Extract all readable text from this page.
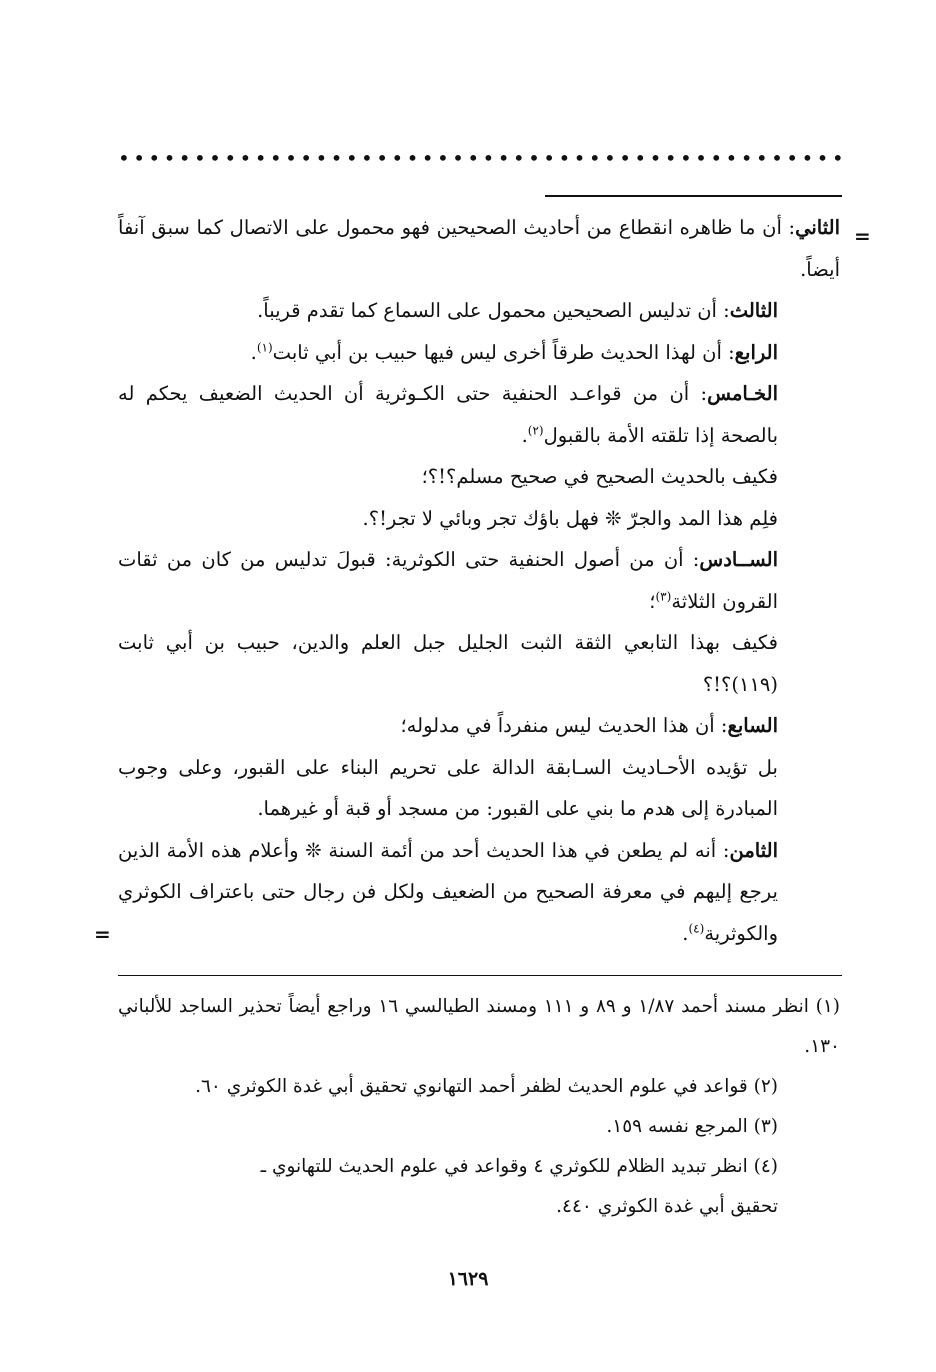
• • • • • • • • • • • • • • • • • • • • • • • • • • • • • • • • • • • • • • • • • • • • • • • •
=

الثاني: أن ما ظاهره انقطاع من أحاديث الصحيحين فهو محمول على الاتصال كما سبق آنفاً أيضاً.

الثالث: أن تدليس الصحيحين محمول على السماع كما تقدم قريباً.

الرابع: أن لهذا الحديث طرقاً أخرى ليس فيها حبيب بن أبي ثابت$^{(١)}$.

الخـامس: أن من قواعـد الحنفية حتى الكـوثرية أن الحديث الضعيف يحكم له بالصحة إذا تلقته الأمة بالقبول$^{(٢)}$.

فكيف بالحديث الصحيح في صحيح مسلم؟!؟؛

فلِم هذا المد والجرّ ❊ فهل باؤك تجر وبائي لا تجر!؟.

الســادس: أن من أصول الحنفية حتى الكوثرية: قبولَ تدليس من كان من ثقات القرون الثلاثة$^{(٣)}$؛

فكيف بهذا التابعي الثقة الثبت الجليل جبل العلم والدين، حبيب بن أبي ثابت (١١٩)؟!؟

السابع: أن هذا الحديث ليس منفرداً في مدلوله؛

بل تؤيده الأحـاديث السـابقة الدالة على تحريم البناء على القبور، وعلى وجوب المبادرة إلى هدم ما بني على القبور: من مسجد أو قبة أو غيرهما.

الثامن: أنه لم يطعن في هذا الحديث أحد من أئمة السنة ❊ وأعلام هذه الأمة الذين يرجع إليهم في معرفة الصحيح من الضعيف ولكل فن رجال حتى باعتراف الكوثري والكوثرية$^{(٤)}$.

=

(١) انظر مسند أحمد ١/٨٧ و ٨٩ و ١١١ ومسند الطيالسي ١٦ وراجع أيضاً تحذير الساجد للألباني ١٣٠.

(٢) قواعد في علوم الحديث لظفر أحمد التهانوي تحقيق أبي غدة الكوثري ٦٠.

(٣) المرجع نفسه ١٥٩.

(٤) انظر تبديد الظلام للكوثري ٤ وقواعد في علوم الحديث للتهانوي ـ

تحقيق أبي غدة الكوثري ٤٤٠.

١٦٢٩
